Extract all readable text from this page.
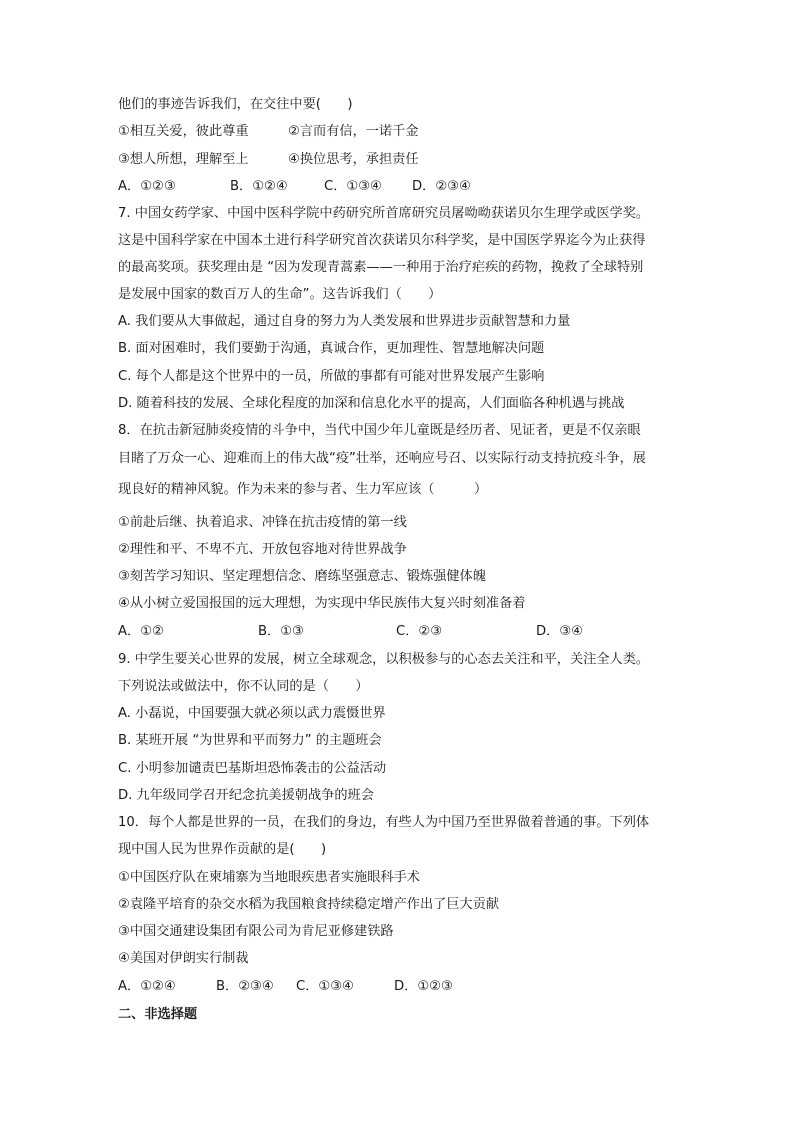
他们的事迹告诉我们，在交往中要(　　)
①相互关爱，彼此尊重	②言而有信，一诺千金
③想人所想，理解至上	④换位思考，承担责任
A．①②③	B．①②④	C．①③④ D．②③④
7. 中国女药学家、中国中医科学院中药研究所首席研究员屠呦呦获诺贝尔生理学或医学奖。
这是中国科学家在中国本土进行科学研究首次获诺贝尔科学奖，是中国医学界迄今为止获得
的最高奖项。获奖理由是 “因为发现青蒿素——一种用于治疗疟疾的药物，挽救了全球特别
是发展中国家的数百万人的生命”。这告诉我们（　　）
A. 我们要从大事做起，通过自身的努力为人类发展和世界进步贡献智慧和力量
B. 面对困难时，我们要勤于沟通，真诚合作，更加理性、智慧地解决问题
C. 每个人都是这个世界中的一员，所做的事都有可能对世界发展产生影响
D. 随着科技的发展、全球化程度的加深和信息化水平的提高，人们面临各种机遇与挑战
8．在抗击新冠肺炎疫情的斗争中，当代中国少年儿童既是经历者、见证者，更是不仅亲眼
目睹了万众一心、迎难而上的伟大战“疫”壮举，还响应号召、以实际行动支持抗疫斗争，展
现良好的精神风貌。作为未来的参与者、生力军应该（　　　）
①前赴后继、执着追求、冲锋在抗击疫情的第一线
②理性和平、不卑不亢、开放包容地对待世界战争
③刻苦学习知识、坚定理想信念、磨练坚强意志、锻炼强健体魄
④从小树立爱国报国的远大理想，为实现中华民族伟大复兴时刻准备着
A．①②	B．①③	C．②③	D．③④
9. 中学生要关心世界的发展，树立全球观念，以积极参与的心态去关注和平，关注全人类。
下列说法或做法中，你不认同的是（　　）
A. 小磊说，中国要强大就必须以武力震慑世界
B. 某班开展 “为世界和平而努力” 的主题班会
C. 小明参加谴责巴基斯坦恐怖袭击的公益活动
D. 九年级同学召开纪念抗美援朝战争的班会
10．每个人都是世界的一员，在我们的身边，有些人为中国乃至世界做着普通的事。下列体
现中国人民为世界作贡献的是(　　)
①中国医疗队在柬埔寨为当地眼疾患者实施眼科手术
②袁隆平培育的杂交水稻为我国粮食持续稳定增产作出了巨大贡献
③中国交通建设集团有限公司为肯尼亚修建铁路
④美国对伊朗实行制裁
A．①②④	B．②③④ C．①③④	D．①②③
二、非选择题
